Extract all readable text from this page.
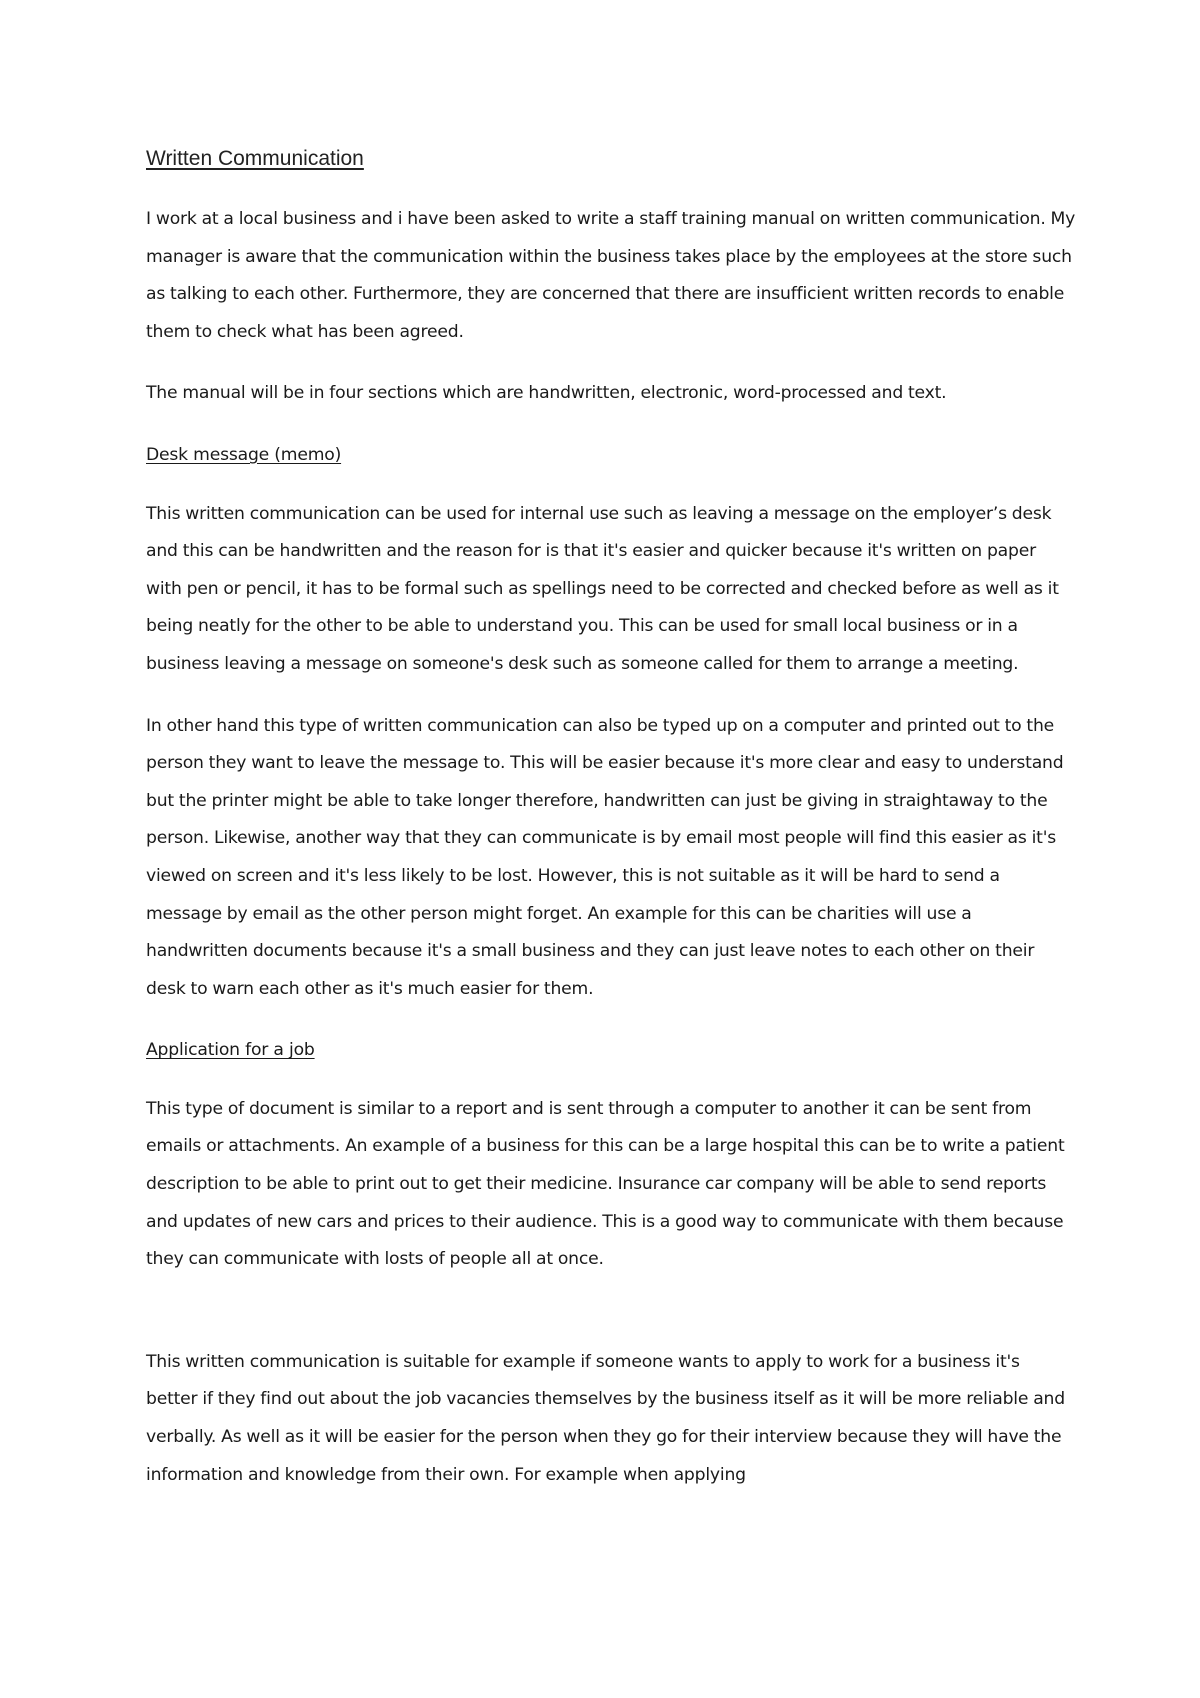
Written Communication

I work at a local business and i have been asked to write a staff training manual on written communication. My manager is aware that the communication within the business takes place by the employees at the store such as talking to each other. Furthermore, they are concerned that there are insufficient written records to enable them to check what has been agreed.

The manual will be in four sections which are handwritten, electronic, word-processed and text.

Desk message (memo)

This written communication can be used for internal use such as leaving a message on the employer’s desk and this can be handwritten and the reason for is that it's easier and quicker because it's written on paper with pen or pencil, it has to be formal such as spellings need to be corrected and checked before as well as it being neatly for the other to be able to understand you. This can be used for small local business or in a business leaving a message on someone's desk such as someone called for them to arrange a meeting.

In other hand this type of written communication can also be typed up on a computer and printed out to the person they want to leave the message to. This will be easier because it's more clear and easy to understand but the printer might be able to take longer therefore, handwritten can just be giving in straightaway to the person. Likewise, another way that they can communicate is by email most people will find this easier as it's viewed on screen and it's less likely to be lost. However, this is not suitable as it will be hard to send a message by email as the other person might forget. An example for this can be charities will use a handwritten documents because it's a small business and they can just leave notes to each other on their desk to warn each other as it's much easier for them.

Application for a job

This type of document is similar to a report and is sent through a computer to another it can be sent from emails or attachments. An example of a business for this can be a large hospital this can be to write a patient description to be able to print out to get their medicine. Insurance car company will be able to send reports and updates of new cars and prices to their audience. This is a good way to communicate with them because they can communicate with losts of people all at once.

This written communication is suitable for example if someone wants to apply to work for a business it's better if they find out about the job vacancies themselves by the business itself as it will be more reliable and verbally. As well as it will be easier for the person when they go for their interview because they will have the information and knowledge from their own. For example when applying
